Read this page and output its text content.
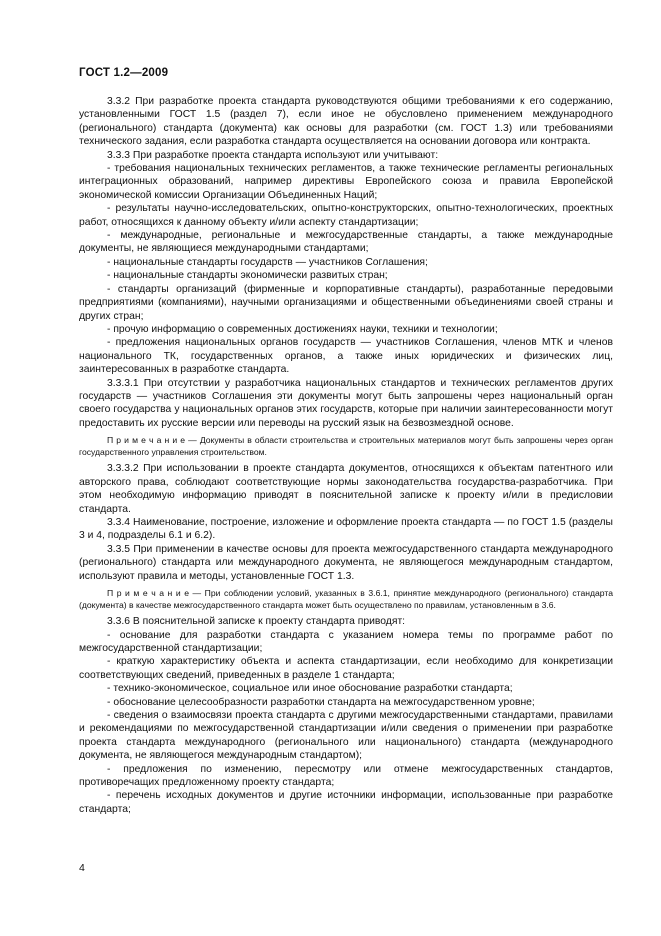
ГОСТ 1.2—2009

3.3.2 При разработке проекта стандарта руководствуются общими требованиями к его содержанию, установленными ГОСТ 1.5 (раздел 7), если иное не обусловлено применением международного (регионального) стандарта (документа) как основы для разработки (см. ГОСТ 1.3) или требованиями технического задания, если разработка стандарта осуществляется на основании договора или контракта.

3.3.3 При разработке проекта стандарта используют или учитывают:

- требования национальных технических регламентов, а также технические регламенты региональных интеграционных образований, например директивы Европейского союза и правила Европейской экономической комиссии Организации Объединенных Наций;

- результаты научно-исследовательских, опытно-конструкторских, опытно-технологических, проектных работ, относящихся к данному объекту и/или аспекту стандартизации;

- международные, региональные и межгосударственные стандарты, а также международные документы, не являющиеся международными стандартами;

- национальные стандарты государств — участников Соглашения;

- национальные стандарты экономически развитых стран;

- стандарты организаций (фирменные и корпоративные стандарты), разработанные передовыми предприятиями (компаниями), научными организациями и общественными объединениями своей страны и других стран;

- прочую информацию о современных достижениях науки, техники и технологии;

- предложения национальных органов государств — участников Соглашения, членов МТК и членов национального ТК, государственных органов, а также иных юридических и физических лиц, заинтересованных в разработке стандарта.

3.3.3.1 При отсутствии у разработчика национальных стандартов и технических регламентов других государств — участников Соглашения эти документы могут быть запрошены через национальный орган своего государства у национальных органов этих государств, которые при наличии заинтересованности могут предоставить их русские версии или переводы на русский язык на безвозмездной основе.

П р и м е ч а н и е — Документы в области строительства и строительных материалов могут быть запрошены через орган государственного управления строительством.

3.3.3.2 При использовании в проекте стандарта документов, относящихся к объектам патентного или авторского права, соблюдают соответствующие нормы законодательства государства-разработчика. При этом необходимую информацию приводят в пояснительной записке к проекту и/или в предисловии стандарта.

3.3.4 Наименование, построение, изложение и оформление проекта стандарта — по ГОСТ 1.5 (разделы 3 и 4, подразделы 6.1 и 6.2).

3.3.5 При применении в качестве основы для проекта межгосударственного стандарта международного (регионального) стандарта или международного документа, не являющегося международным стандартом, используют правила и методы, установленные ГОСТ 1.3.

П р и м е ч а н и е — При соблюдении условий, указанных в 3.6.1, принятие международного (регионального) стандарта (документа) в качестве межгосударственного стандарта может быть осуществлено по правилам, установленным в 3.6.

3.3.6 В пояснительной записке к проекту стандарта приводят:

- основание для разработки стандарта с указанием номера темы по программе работ по межгосударственной стандартизации;

- краткую характеристику объекта и аспекта стандартизации, если необходимо для конкретизации соответствующих сведений, приведенных в разделе 1 стандарта;

- технико-экономическое, социальное или иное обоснование разработки стандарта;

- обоснование целесообразности разработки стандарта на межгосударственном уровне;

- сведения о взаимосвязи проекта стандарта с другими межгосударственными стандартами, правилами и рекомендациями по межгосударственной стандартизации и/или сведения о применении при разработке проекта стандарта международного (регионального или национального) стандарта (международного документа, не являющегося международным стандартом);

- предложения по изменению, пересмотру или отмене межгосударственных стандартов, противоречащих предложенному проекту стандарта;

- перечень исходных документов и другие источники информации, использованные при разработке стандарта;

4
